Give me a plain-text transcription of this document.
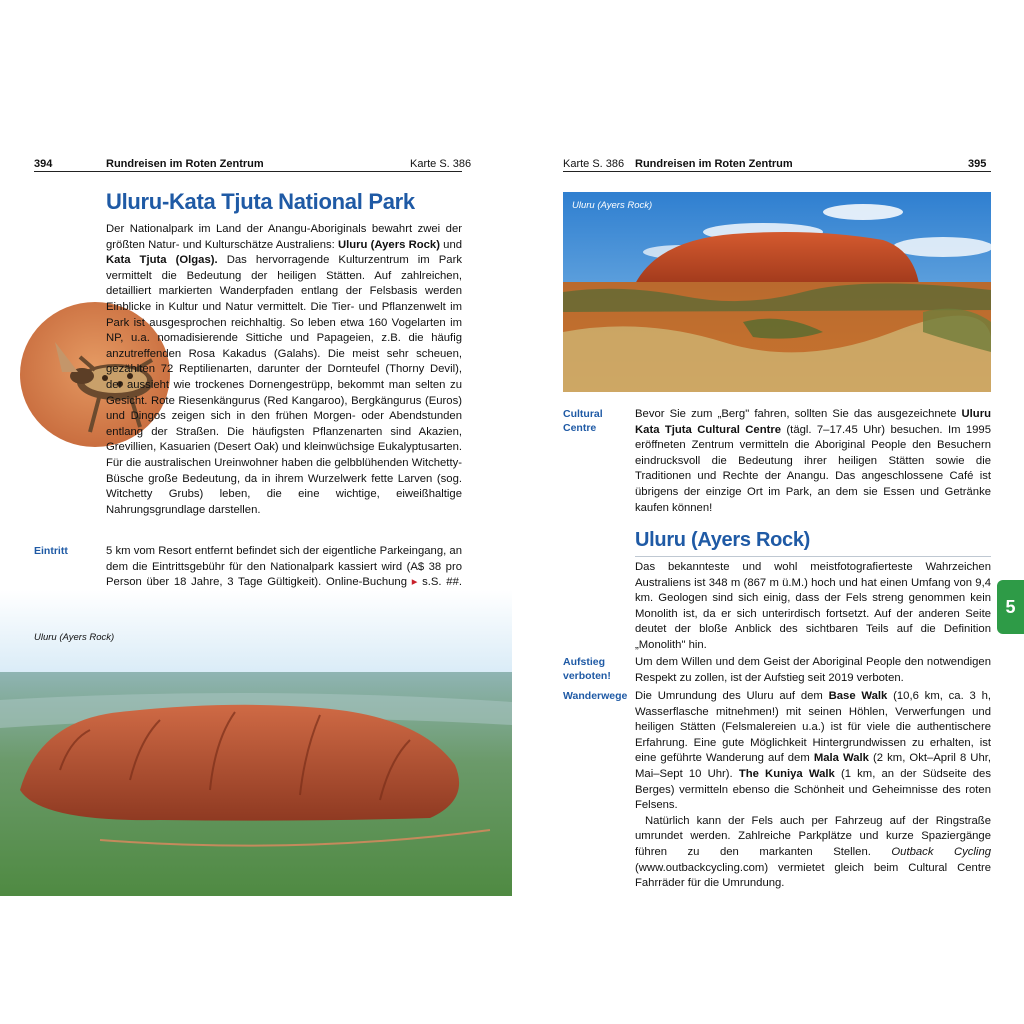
394	Rundreisen im Roten Zentrum	Karte S. 386
Uluru-Kata Tjuta National Park

Der Nationalpark im Land der Anangu-Aboriginals bewahrt zwei der größten Natur- und Kulturschätze Australiens: Uluru (Ayers Rock) und Kata Tjuta (Olgas). Das hervorragende Kulturzentrum im Park vermittelt die Bedeutung der heiligen Stätten. Auf zahlreichen, detailliert markierten Wanderpfaden entlang der Felsbasis werden Einblicke in Kultur und Natur vermittelt. Die Tier- und Pflanzenwelt im Park ist ausgesprochen reichhaltig. So leben etwa 160 Vogelarten im NP, u.a. nomadisierende Sittiche und Papageien, z.B. die häufig anzutreffenden Rosa Kakadus (Galahs). Die meist sehr scheuen, gezählten 72 Reptilienarten, darunter der Dornteufel (Thorny Devil), der aussieht wie trockenes Dornengestrüpp, bekommt man selten zu Gesicht. Rote Riesenkängurus (Red Kangaroo), Bergkängurus (Euros) und Dingos zeigen sich in den frühen Morgen- oder Abendstunden entlang der Straßen. Die häufigsten Pflanzenarten sind Akazien, Grevillien, Kasuarien (Desert Oak) und kleinwüchsige Eukalyptusarten. Für die australischen Ureinwohner haben die gelbblühenden Witchetty-Büsche große Bedeutung, da in ihrem Wurzelwerk fette Larven (sog. Witchetty Grubs) leben, die eine wichtige, eiweißhaltige Nahrungsgrundlage darstellen.

Eintritt	5 km vom Resort entfernt befindet sich der eigentliche Parkeingang, an dem die Eintrittsgebühr für den Nationalpark kassiert wird (A$ 38 pro Person über 18 Jahre, 3 Tage Gültigkeit). Online-Buchung ▸ s.S. ##.

Uluru (Ayers Rock)
Karte S. 386 Rundreisen im Roten Zentrum	395
Uluru (Ayers Rock)
Cultural Centre

Bevor Sie zum „Berg" fahren, sollten Sie das ausgezeichnete Uluru Kata Tjuta Cultural Centre (tägl. 7–17.45 Uhr) besuchen. Im 1995 eröffneten Zentrum vermitteln die Aboriginal People den Besuchern eindrucksvoll die Bedeutung ihrer heiligen Stätten sowie die Traditionen und Rechte der Anangu. Das angeschlossene Café ist übrigens der einzige Ort im Park, an dem sie Essen und Getränke kaufen können!

Uluru (Ayers Rock)
Das bekannteste und wohl meistfotografierteste Wahrzeichen Australiens ist 348 m (867 m ü.M.) hoch und hat einen Umfang von 9,4 km. Geologen sind sich einig, dass der Fels streng genommen kein Monolith ist, da er sich unterirdisch fortsetzt. Auf der anderen Seite deutet der bloße Anblick des sichtbaren Teils auf die Definition „Monolith" hin.
Aufstieg verboten!
Um dem Willen und dem Geist der Aboriginal People den notwendigen Respekt zu zollen, ist der Aufstieg seit 2019 verboten.
Wanderwege Die Umrundung des Uluru auf dem Base Walk (10,6 km, ca. 3 h, Wasserflasche mitnehmen!) mit seinen Höhlen, Verwerfungen und heiligen Stätten (Felsmalereien u.a.) ist für viele die authentischere Erfahrung. Eine gute Möglichkeit Hintergrundwissen zu erhalten, ist eine geführte Wanderung auf dem Mala Walk (2 km, Okt–April 8 Uhr, Mai–Sept 10 Uhr). The Kuniya Walk (1 km, an der Südseite des Berges) vermitteln ebenso die Schönheit und Geheimnisse des roten Felsens.

Natürlich kann der Fels auch per Fahrzeug auf der Ringstraße umrundet werden. Zahlreiche Parkplätze und kurze Spaziergänge führen zu den markanten Stellen. Outback Cycling (www.outbackcycling.com) vermietet gleich beim Cultural Centre Fahrräder für die Umrundung.

5
